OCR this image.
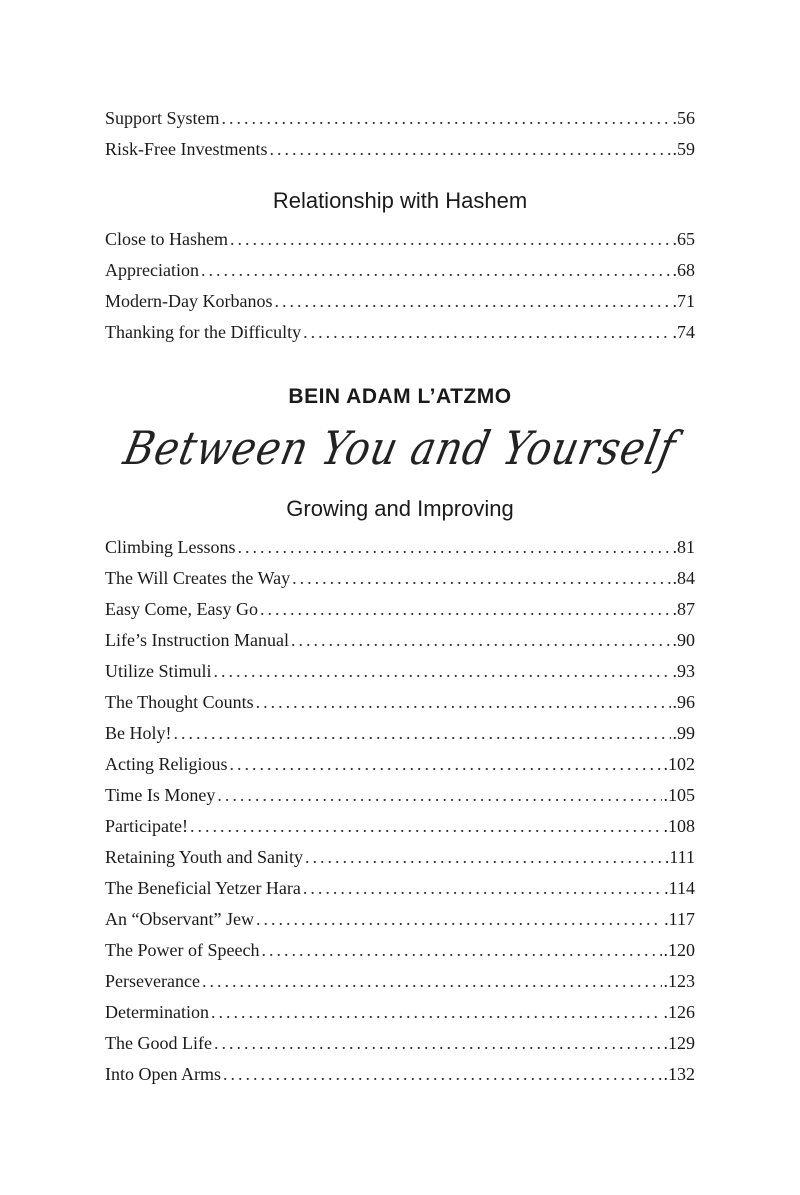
Support System . . .	.56
Risk-Free Investments . . .	.59
Relationship with Hashem
Close to Hashem . . .	.65
Appreciation . . .	.68
Modern-Day Korbanos . . .	.71
Thanking for the Difficulty . . .	.74
BEIN ADAM L’ATZMO
Between You and Yourself
Growing and Improving
Climbing Lessons . . .	.81
The Will Creates the Way . . .	.84
Easy Come, Easy Go . . .	.87
Life’s Instruction Manual . . .	.90
Utilize Stimuli . . .	.93
The Thought Counts . . .	.96
Be Holy! . . .	.99
Acting Religious . . .	.102
Time Is Money . . .	.105
Participate! . . .	.108
Retaining Youth and Sanity . . .	.111
The Beneficial Yetzer Hara . . .	.114
An “Observant” Jew . . .	.117
The Power of Speech . . .	.120
Perseverance . . .	.123
Determination . . .	.126
The Good Life . . .	.129
Into Open Arms . . .	.132
